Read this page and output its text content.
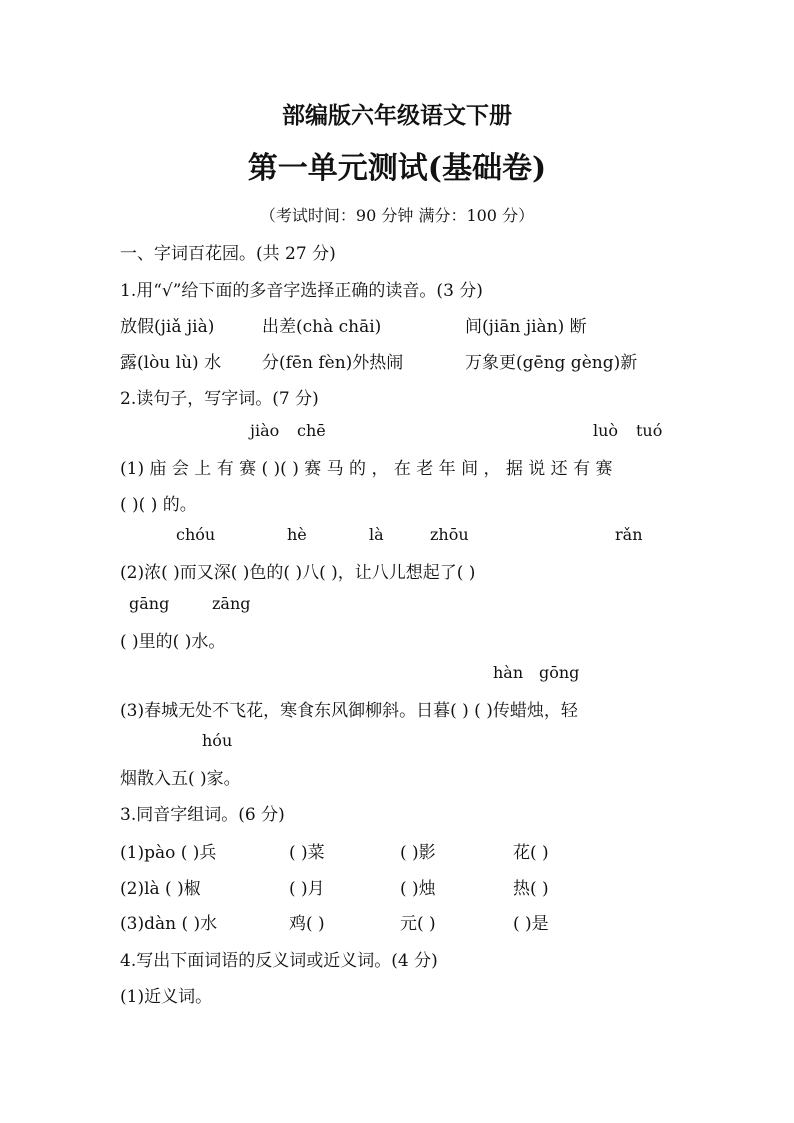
部编版六年级语文下册
第一单元测试(基础卷)
（考试时间：90 分钟 满分：100 分）
一、字词百花园。(共 27 分)
1.用“√”给下面的多音字选择正确的读音。(3 分)
放假(jiǎ jià)	出差(chà chāi)	间(jiān jiàn) 断
露(lòu lù) 水 分(fēn fèn)外热闹	万象更(gēng gèng)新
2.读句子，写字词。(7 分)
jiào chē	luò tuó
(1) 庙 会 上 有 赛 ( )( ) 赛 马 的 ， 在 老 年 间 ， 据 说 还 有 赛
( )( ) 的。
chóu	hè	là	zhōu	rǎn
(2)浓( )而又深( )色的( )八( )，让八儿想起了( )
gāng	zāng
( )里的( )水。
hàn gōng
(3)春城无处不飞花，寒食东风御柳斜。日暮( ) ( )传蜡烛，轻
hóu
烟散入五( )家。
3.同音字组词。(6 分)
(1)pào ( )兵	( )菜	( )影	花( )
(2)là ( )椒	( )月	( )烛	热( )
(3)dàn ( )水	鸡( )	元( )	( )是
4.写出下面词语的反义词或近义词。(4 分)
(1)近义词。
